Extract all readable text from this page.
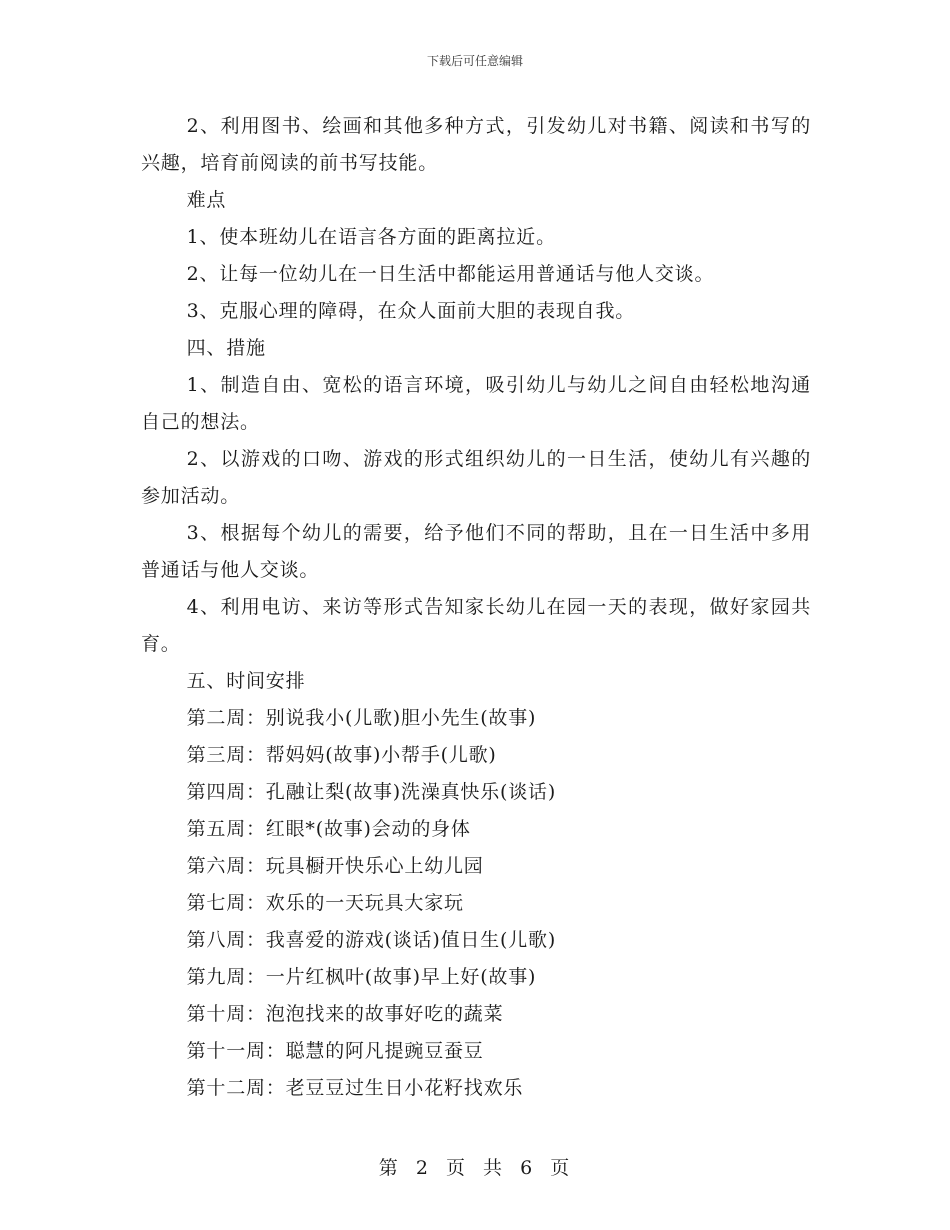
下载后可任意编辑

2、利用图书、绘画和其他多种方式，引发幼儿对书籍、阅读和书写的兴趣，培育前阅读的前书写技能。

难点

1、使本班幼儿在语言各方面的距离拉近。

2、让每一位幼儿在一日生活中都能运用普通话与他人交谈。

3、克服心理的障碍，在众人面前大胆的表现自我。

四、措施

1、制造自由、宽松的语言环境，吸引幼儿与幼儿之间自由轻松地沟通自己的想法。

2、以游戏的口吻、游戏的形式组织幼儿的一日生活，使幼儿有兴趣的参加活动。

3、根据每个幼儿的需要，给予他们不同的帮助，且在一日生活中多用普通话与他人交谈。

4、利用电访、来访等形式告知家长幼儿在园一天的表现，做好家园共育。

五、时间安排

第二周：别说我小(儿歌)胆小先生(故事)

第三周：帮妈妈(故事)小帮手(儿歌)

第四周：孔融让梨(故事)洗澡真快乐(谈话)

第五周：红眼*(故事)会动的身体

第六周：玩具橱开快乐心上幼儿园

第七周：欢乐的一天玩具大家玩

第八周：我喜爱的游戏(谈话)值日生(儿歌)

第九周：一片红枫叶(故事)早上好(故事)

第十周：泡泡找来的故事好吃的蔬菜

第十一周：聪慧的阿凡提豌豆蚕豆

第十二周：老豆豆过生日小花籽找欢乐

第 2 页 共 6 页
